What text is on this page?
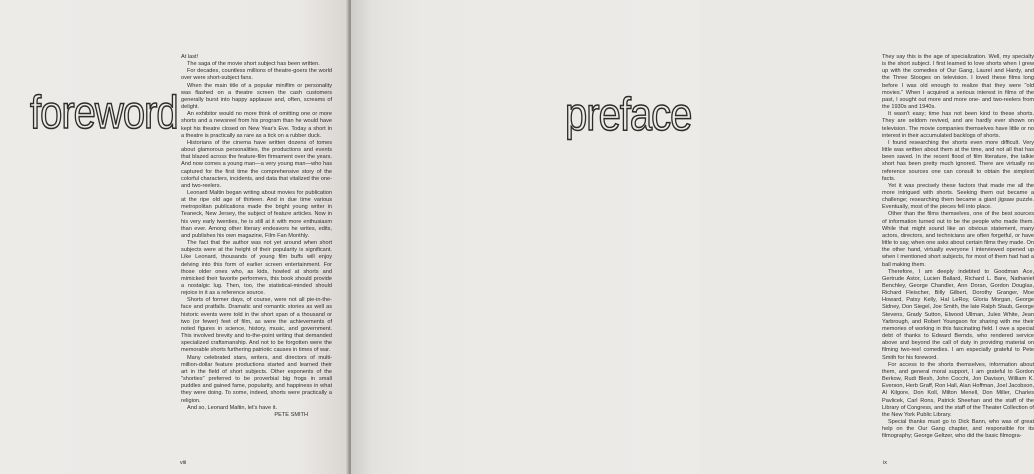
foreword

At last!

The saga of the movie short subject has been written.

For decades, countless millions of theatre-goers the world over were short-subject fans.

When the main title of a popular miniflim or personality was flashed on a theatre screen the cash customers generally burst into happy applause and, often, screams of delight.

An exhibitor would no more think of omitting one or more shorts and a newsreel from his program than he would have kept his theatre closed on New Year's Eve. Today a short in a theatre is practically as rare as a tick on a rubber duck.

Historians of the cinema have written dozens of tomes about glamorous personalities, the productions and events that blazed across the feature-film firmament over the years. And now comes a young man—a very young man—who has captured for the first time the comprehensive story of the colorful characters, incidents, and data that vitalized the one- and two-reelers.

Leonard Maltin began writing about movies for publication at the ripe old age of thirteen. And in due time various metropolitan publications made the bright young writer in Teaneck, New Jersey, the subject of feature articles. Now in his very early twenties, he is still at it with more enthusiasm than ever. Among other literary endeavors he writes, edits, and publishes his own magazine, Film Fan Monthly.

The fact that the author was not yet around when short subjects were at the height of their popularity is significant. Like Leonard, thousands of young film buffs will enjoy delving into this form of earlier screen entertainment. For those older ones who, as kids, howled at shorts and mimicked their favorite performers, this book should provide a nostalgic lug. Then, too, the statistical-minded should rejoice in it as a reference source.

Shorts of former days, of course, were not all pie-in-the-face and pratfalls. Dramatic and romantic stories as well as historic events were told in the short span of a thousand or two (or fewer) feet of film, as were the achievements of noted figures in science, history, music, and government. This involved brevity and to-the-point writing that demanded specialized craftsmanship. And not to be forgotten were the memorable shorts furthering patriotic causes in times of war.

Many celebrated stars, writers, and directors of multi-million-dollar feature productions started and learned their art in the field of short subjects. Other exponents of the "shorties" preferred to be proverbial big frogs in small puddles and gained fame, popularity, and happiness in what they were doing. To some, indeed, shorts were practically a religion.

And so, Leonard Maltin, let's have it.

PETE SMITH
viii
preface

They say this is the age of specialization. Well, my specialty is the short subject. I first learned to love shorts when I grew up with the comedies of Our Gang, Laurel and Hardy, and the Three Stooges on television. I loved these films long before I was old enough to realize that they were "old movies." When I acquired a serious interest in films of the past, I sought out more and more one- and two-reelers from the 1930s and 1940s.

It wasn't easy; time has not been kind to these shorts. They are seldom revived, and are hardly ever shown on television. The movie companies themselves have little or no interest in their accumulated backlogs of shorts.

I found researching the shorts even more difficult. Very little was written about them at the time, and not all that has been saved. In the recent flood of film literature, the talkie short has been pretty much ignored. There are virtually no reference sources one can consult to obtain the simplest facts.

Yet it was precisely these factors that made me all the more intrigued with shorts. Seeking them out became a challenge; researching them became a giant jigsaw puzzle. Eventually, most of the pieces fell into place.

Other than the films themselves, one of the best sources of information turned out to be the people who made them. While that might sound like an obvious statement, many actors, directors, and technicians are often forgetful, or have little to say, when one asks about certain films they made. On the other hand, virtually everyone I interviewed opened up when I mentioned short subjects, for most of them had had a ball making them.

Therefore, I am deeply indebted to Goodman Ace, Gertrude Astor, Lucien Ballard, Richard L. Bare, Nathaniel Benchley, George Chandler, Ann Doran, Gordon Douglas, Richard Fleischer, Billy Gilbert, Dorothy Granger, Moe Howard, Patsy Kelly, Hal LeRoy, Gloria Morgan, George Sidney, Don Siegel, Joe Smith, the late Ralph Staub, George Stevens, Grady Sutton, Elwood Ullman, Jules White, Jean Yarbrough, and Robert Youngson for sharing with me their memories of working in this fascinating field. I owe a special debt of thanks to Edward Bernds, who rendered service above and beyond the call of duty in providing material on filming two-reel comedies. I am especially grateful to Pete Smith for his foreword.

For access to the shorts themselves, information about them, and general moral support, I am grateful to Gordon Berkow, Rudi Blesh, John Cocchi, Jon Davison, William K. Everson, Herb Graff, Ron Hall, Alan Hoffman, Joel Jacobson, Al Kilgore, Don Koll, Milton Menell, Don Miller, Charles Pavlicek, Carl Rons, Patrick Sheehan and the staff of the Library of Congress, and the staff of the Theater Collection of the New York Public Library.

Special thanks must go to Dick Bann, who was of great help on the Our Gang chapter, and responsible for its filmography; George Geltzer, who did the basic filmogra-

ix
